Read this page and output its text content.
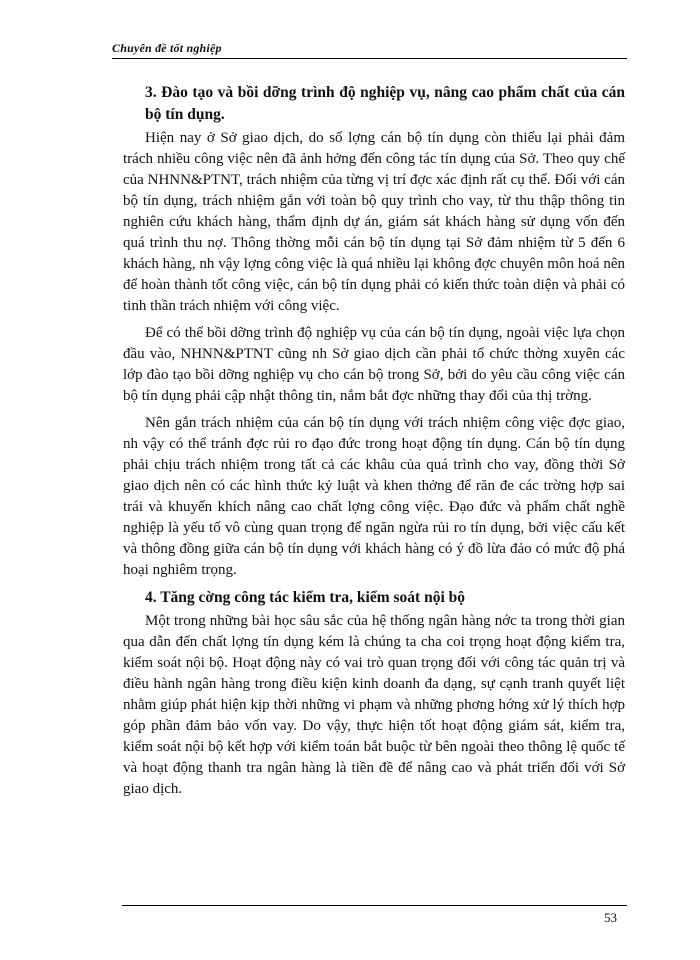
Chuyên đề tốt nghiệp

3. Đào tạo và bồi dỡng trình độ nghiệp vụ, nâng cao phẩm chất của cán bộ tín dụng.

Hiện nay ở Sở giao dịch, do số lợng cán bộ tín dụng còn thiếu lại phải đảm trách nhiều công việc nên đã ảnh hởng đến công tác tín dụng của Sở. Theo quy chế của NHNN&PTNT, trách nhiệm của từng vị trí đợc xác định rất cụ thể. Đối với cán bộ tín dụng, trách nhiệm gắn với toàn bộ quy trình cho vay, từ thu thập thông tin nghiên cứu khách hàng, thẩm định dự án, giám sát khách hàng sử dụng vốn đến quá trình thu nợ. Thông thờng mỗi cán bộ tín dụng tại Sở đảm nhiệm từ 5 đến 6 khách hàng, nh vậy lợng công việc là quá nhiều lại không đợc chuyên môn hoá nên để hoàn thành tốt công việc, cán bộ tín dụng phải có kiến thức toàn diện và phải có tinh thần trách nhiệm với công việc.

Để có thể bồi dỡng trình độ nghiệp vụ của cán bộ tín dụng, ngoài việc lựa chọn đầu vào, NHNN&PTNT cũng nh Sở giao dịch cần phải tổ chức thờng xuyên các lớp đào tạo bồi dỡng nghiệp vụ cho cán bộ trong Sở, bởi do yêu cầu công việc cán bộ tín dụng phải cập nhật thông tin, nắm bắt đợc những thay đổi của thị trờng.

Nên gắn trách nhiệm của cán bộ tín dụng với trách nhiệm công việc đợc giao, nh vậy có thể tránh đợc rủi ro đạo đức trong hoạt động tín dụng. Cán bộ tín dụng phải chịu trách nhiệm trong tất cả các khâu của quá trình cho vay, đồng thời Sở giao dịch nên có các hình thức kỷ luật và khen thởng để răn đe các trờng hợp sai trái và khuyến khích nâng cao chất lợng công việc. Đạo đức và phẩm chất nghề nghiệp là yếu tố vô cùng quan trọng để ngăn ngừa rủi ro tín dụng, bởi việc cấu kết và thông đồng giữa cán bộ tín dụng với khách hàng có ý đồ lừa đảo có mức độ phá hoại nghiêm trọng.

4. Tăng cờng công tác kiểm tra, kiểm soát nội bộ

Một trong những bài học sâu sắc của hệ thống ngân hàng nớc ta trong thời gian qua dẫn đến chất lợng tín dụng kém là chúng ta cha coi trọng hoạt động kiểm tra, kiểm soát nội bộ. Hoạt động này có vai trò quan trọng đối với công tác quản trị và điều hành ngân hàng trong điều kiện kinh doanh đa dạng, sự cạnh tranh quyết liệt nhằm giúp phát hiện kịp thời những vi phạm và những phơng hớng xử lý thích hợp góp phần đảm bảo vốn vay. Do vậy, thực hiện tốt hoạt động giám sát, kiểm tra, kiểm soát nội bộ kết hợp với kiểm toán bắt buộc từ bên ngoài theo thông lệ quốc tế và hoạt động thanh tra ngân hàng là tiền đề để nâng cao và phát triển đối với Sở giao dịch.

53
